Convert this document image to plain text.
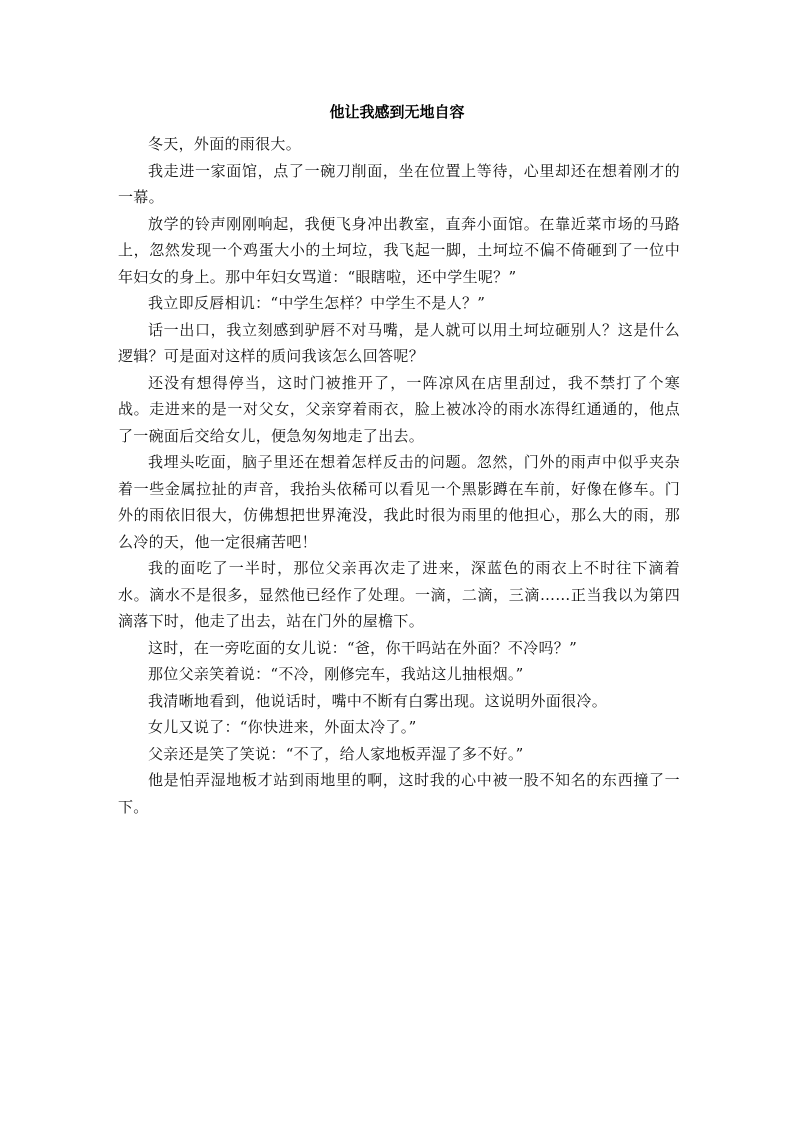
他让我感到无地自容

冬天，外面的雨很大。

我走进一家面馆，点了一碗刀削面，坐在位置上等待，心里却还在想着刚才的一幕。

放学的铃声刚刚响起，我便飞身冲出教室，直奔小面馆。在靠近菜市场的马路上，忽然发现一个鸡蛋大小的土坷垃，我飞起一脚，土坷垃不偏不倚砸到了一位中年妇女的身上。那中年妇女骂道：“眼瞎啦，还中学生呢？”

我立即反唇相讥：“中学生怎样？中学生不是人？”

话一出口，我立刻感到驴唇不对马嘴，是人就可以用土坷垃砸别人？这是什么逻辑？可是面对这样的质问我该怎么回答呢？

还没有想得停当，这时门被推开了，一阵凉风在店里刮过，我不禁打了个寒战。走进来的是一对父女，父亲穿着雨衣，脸上被冰冷的雨水冻得红通通的，他点了一碗面后交给女儿，便急匆匆地走了出去。

我埋头吃面，脑子里还在想着怎样反击的问题。忽然，门外的雨声中似乎夹杂着一些金属拉扯的声音，我抬头依稀可以看见一个黑影蹲在车前，好像在修车。门外的雨依旧很大，仿佛想把世界淹没，我此时很为雨里的他担心，那么大的雨，那么冷的天，他一定很痛苦吧！

我的面吃了一半时，那位父亲再次走了进来，深蓝色的雨衣上不时往下滴着水。滴水不是很多，显然他已经作了处理。一滴，二滴，三滴……正当我以为第四滴落下时，他走了出去，站在门外的屋檐下。

这时，在一旁吃面的女儿说：“爸，你干吗站在外面？不冷吗？”

那位父亲笑着说：“不冷，刚修完车，我站这儿抽根烟。”

我清晰地看到，他说话时，嘴中不断有白雾出现。这说明外面很冷。

女儿又说了：“你快进来，外面太冷了。”

父亲还是笑了笑说：“不了，给人家地板弄湿了多不好。”

他是怕弄湿地板才站到雨地里的啊，这时我的心中被一股不知名的东西撞了一下。
